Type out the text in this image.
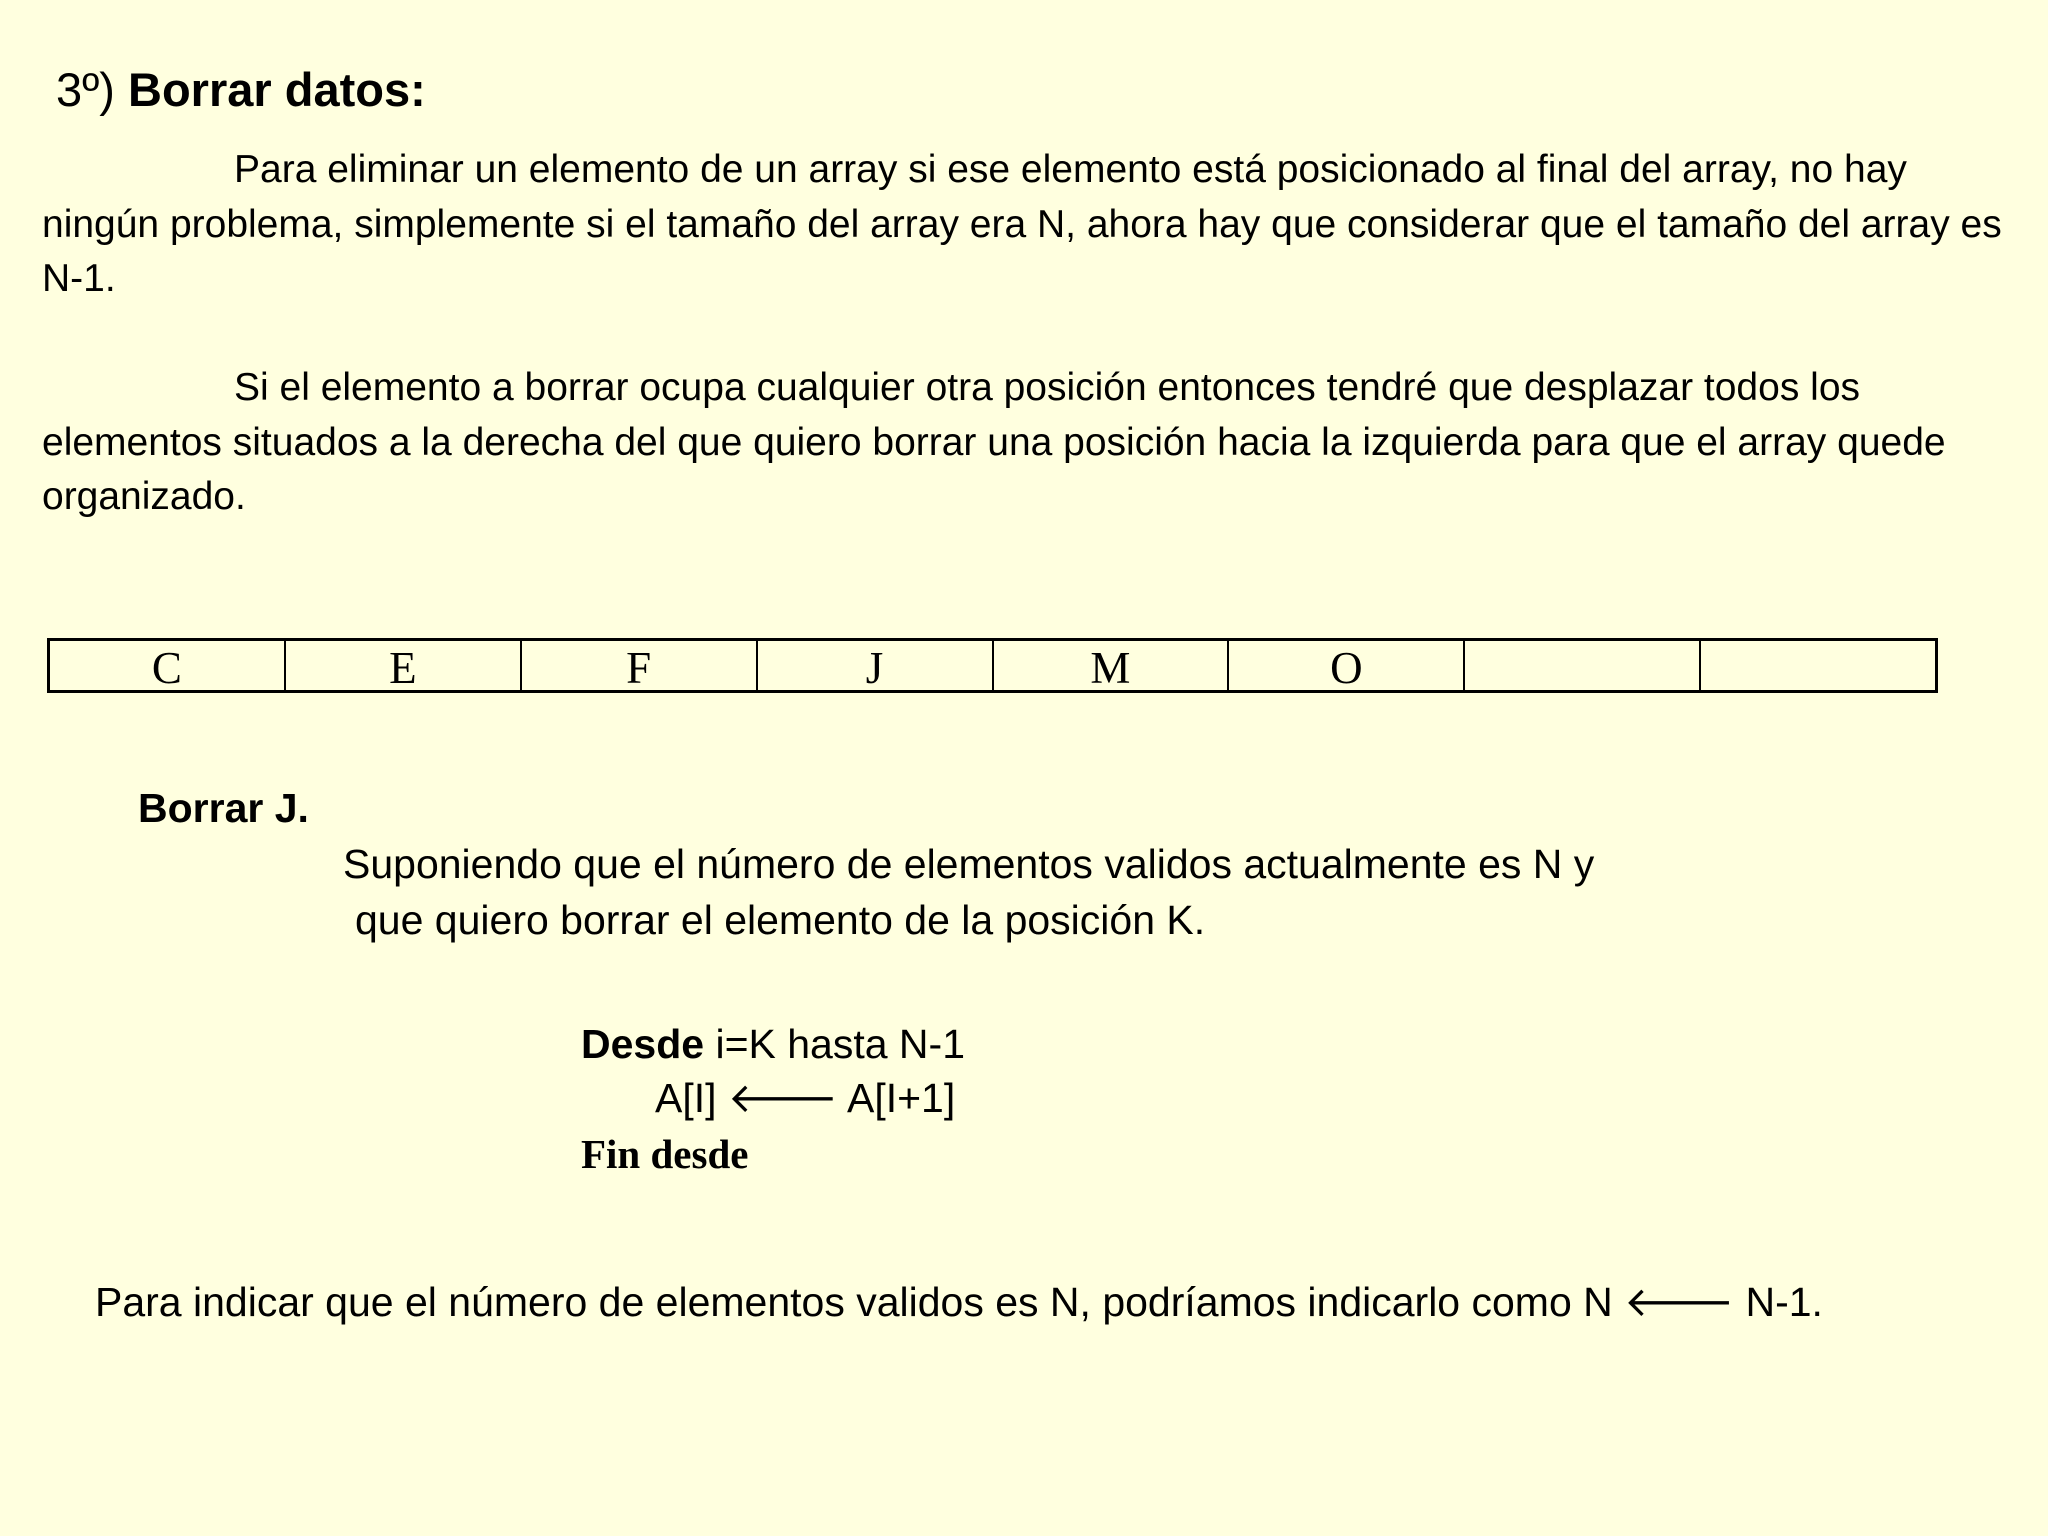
3º) Borrar datos:
Para eliminar un elemento de un array si ese elemento está posicionado al final del array, no hay ningún problema, simplemente si el tamaño del array era N, ahora hay que considerar que el tamaño del array es N-1.
Si el elemento a borrar ocupa cualquier otra posición entonces tendré que desplazar todos los elementos situados a la derecha del que quiero borrar una posición hacia la izquierda para que el array quede organizado.
C	E	F	J	M	O
Borrar J.
Suponiendo que el número de elementos validos actualmente es N y
que quiero borrar el elemento de la posición K.
Desde i=K hasta N-1
A[I] 🡐 A[I+1]
Fin desde
Para indicar que el número de elementos validos es N, podríamos indicarlo como N 🡐 N-1.
